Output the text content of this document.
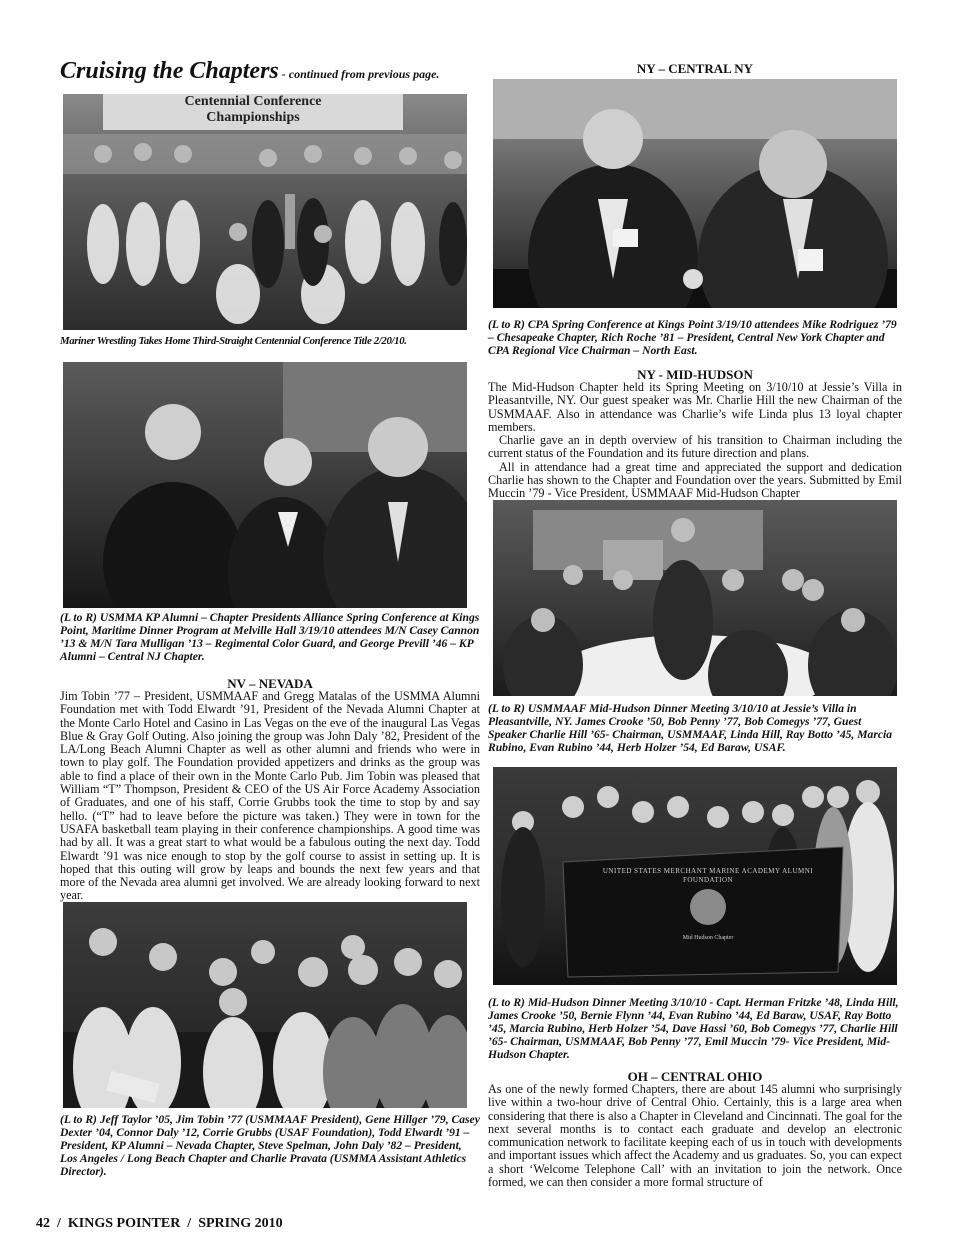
Cruising the Chapters - continued from previous page.
Centennial Conference
Championships
Mariner Wrestling Takes Home Third-Straight Centennial Conference Title 2/20/10.
(L to R) USMMA KP Alumni – Chapter Presidents Alliance Spring Conference at Kings Point, Maritime Dinner Program at Melville Hall 3/19/10 attendees M/N Casey Cannon ’13 & M/N Tara Mulligan ’13 – Regimental Color Guard, and George Previll ’46 – KP Alumni – Central NJ Chapter.
NV – NEVADA

Jim Tobin ’77 – President, USMMAAF and Gregg Matalas of the USMMA Alumni Foundation met with Todd Elwardt ’91, President of the Nevada Alumni Chapter at the Monte Carlo Hotel and Casino in Las Vegas on the eve of the inaugural Las Vegas Blue & Gray Golf Outing. Also joining the group was John Daly ’82, President of the LA/Long Beach Alumni Chapter as well as other alumni and friends who were in town to play golf. The Foundation provided appetizers and drinks as the group was able to find a place of their own in the Monte Carlo Pub. Jim Tobin was pleased that William “T” Thompson, President & CEO of the US Air Force Academy Association of Graduates, and one of his staff, Corrie Grubbs took the time to stop by and say hello. (“T” had to leave before the picture was taken.) They were in town for the USAFA basketball team playing in their conference championships. A good time was had by all. It was a great start to what would be a fabulous outing the next day. Todd Elwardt ’91 was nice enough to stop by the golf course to assist in setting up. It is hoped that this outing will grow by leaps and bounds the next few years and that more of the Nevada area alumni get involved. We are already looking forward to next year.

(L to R) Jeff Taylor ’05, Jim Tobin ’77 (USMMAAF President), Gene Hillger ’79, Casey Dexter ’04, Connor Daly ’12, Corrie Grubbs (USAF Foundation), Todd Elwardt ’91 – President, KP Alumni – Nevada Chapter, Steve Spelman, John Daly ’82 – President, Los Angeles / Long Beach Chapter and Charlie Pravata (USMMA Assistant Athletics Director).
NY – CENTRAL NY
(L to R) CPA Spring Conference at Kings Point 3/19/10 attendees Mike Rodriguez ’79 – Chesapeake Chapter, Rich Roche ’81 – President, Central New York Chapter and CPA Regional Vice Chairman – North East.
NY - MID-HUDSON

The Mid-Hudson Chapter held its Spring Meeting on 3/10/10 at Jessie’s Villa in Pleasantville, NY. Our guest speaker was Mr. Charlie Hill the new Chairman of the USMMAAF. Also in attendance was Charlie’s wife Linda plus 13 loyal chapter members.

Charlie gave an in depth overview of his transition to Chairman including the current status of the Foundation and its future direction and plans.

All in attendance had a great time and appreciated the support and dedication Charlie has shown to the Chapter and Foundation over the years. Submitted by Emil Muccin ’79 - Vice President, USMMAAF Mid-Hudson Chapter

(L to R) USMMAAF Mid-Hudson Dinner Meeting 3/10/10 at Jessie’s Villa in Pleasantville, NY. James Crooke ’50, Bob Penny ’77, Bob Comegys ’77, Guest Speaker Charlie Hill ’65- Chairman, USMMAAF, Linda Hill, Ray Botto ’45, Marcia Rubino, Evan Rubino ’44, Herb Holzer ’54, Ed Baraw, USAF.
UNITED STATES MERCHANT MARINE ACADEMY ALUMNI FOUNDATION
Mid Hudson Chapter
(L to R) Mid-Hudson Dinner Meeting 3/10/10 - Capt. Herman Fritzke ’48, Linda Hill, James Crooke ’50, Bernie Flynn ’44, Evan Rubino ’44, Ed Baraw, USAF, Ray Botto ’45, Marcia Rubino, Herb Holzer ’54, Dave Hassi ’60, Bob Comegys ’77, Charlie Hill ’65- Chairman, USMMAAF, Bob Penny ’77, Emil Muccin ’79- Vice President, Mid-Hudson Chapter.
OH – CENTRAL OHIO

As one of the newly formed Chapters, there are about 145 alumni who surprisingly live within a two-hour drive of Central Ohio. Certainly, this is a large area when considering that there is also a Chapter in Cleveland and Cincinnati. The goal for the next several months is to contact each graduate and develop an electronic communication network to facilitate keeping each of us in touch with developments and important issues which affect the Academy and us graduates. So, you can expect a short ‘Welcome Telephone Call’ with an invitation to join the network. Once formed, we can then consider a more formal structure of

42  /  KINGS POINTER  /  SPRING 2010
